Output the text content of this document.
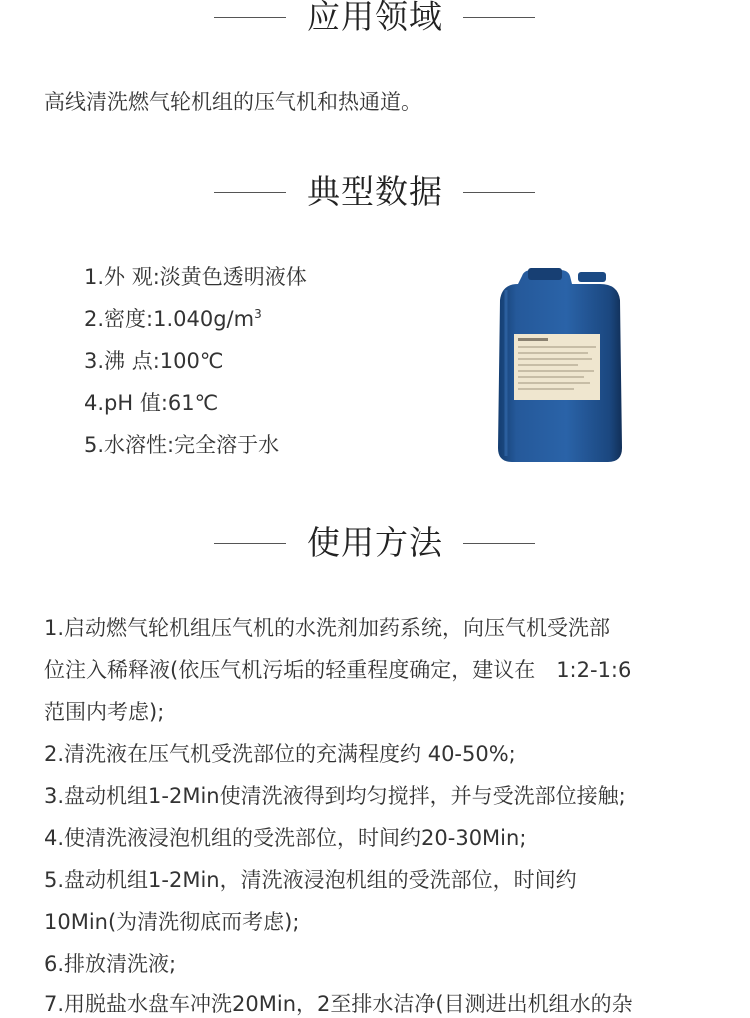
应用领域
高线清洗燃气轮机组的压气机和热通道。
典型数据
1.外 观:淡黄色透明液体
2.密度$:1.040g/m^3$
3.沸 点:100℃
4.pH 值:61℃
5.水溶性:完全溶于水
使用方法
1.启动燃气轮机组压气机的水洗剂加药系统，向压气机受洗部
位注入稀释液(依压气机污垢的轻重程度确定，建议在　1:2-1:6
范围内考虑);
2.清洗液在压气机受洗部位的充满程度约 40-50%;
3.盘动机组1-2Min使清洗液得到均匀搅拌，并与受洗部位接触;
4.使清洗液浸泡机组的受洗部位，时间约20-30Min;
5.盘动机组1-2Min，清洗液浸泡机组的受洗部位，时间约
10Min(为清洗彻底而考虑);
6.排放清洗液;
7.用脱盐水盘车冲洗20Min，2至排水洁净(目测进出机组水的杂
